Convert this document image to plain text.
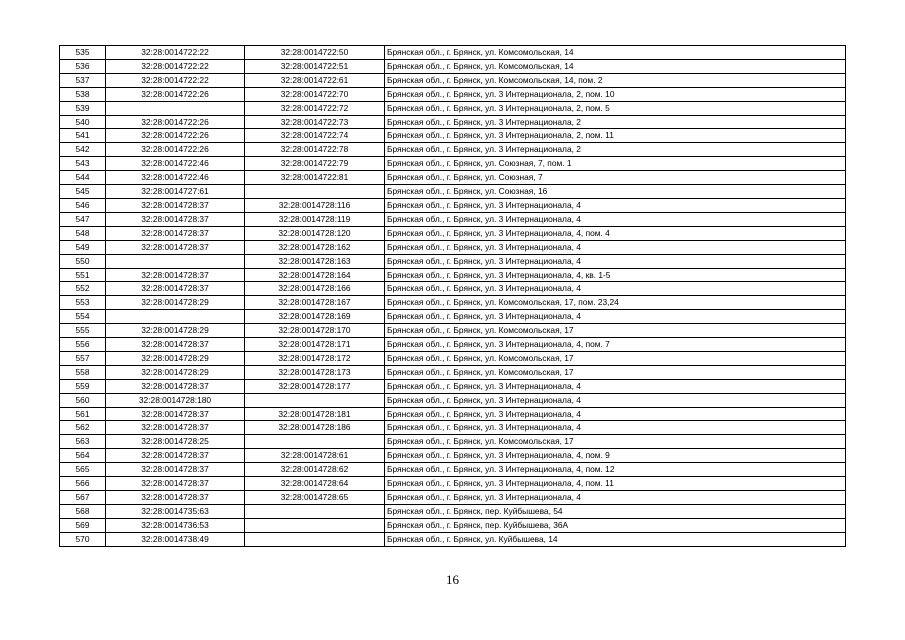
535	32:28:0014722:22	32:28:0014722:50	Брянская обл., г. Брянск, ул. Комсомольская, 14
536	32:28:0014722:22	32:28:0014722:51	Брянская обл., г. Брянск, ул. Комсомольская, 14
537	32:28:0014722:22	32:28:0014722:61	Брянская обл., г. Брянск, ул. Комсомольская, 14, пом. 2
538	32:28:0014722:26	32:28:0014722:70	Брянская обл., г. Брянск, ул. 3 Интернационала, 2, пом. 10
539		32:28:0014722:72	Брянская обл., г. Брянск, ул. 3 Интернационала, 2, пом. 5
540	32:28:0014722:26	32:28:0014722:73	Брянская обл., г. Брянск, ул. 3 Интернационала, 2
541	32:28:0014722:26	32:28:0014722:74	Брянская обл., г. Брянск, ул. 3 Интернационала, 2, пом. 11
542	32:28:0014722:26	32:28:0014722:78	Брянская обл., г. Брянск, ул. 3 Интернационала, 2
543	32:28:0014722:46	32:28:0014722:79	Брянская обл., г. Брянск, ул. Союзная, 7, пом. 1
544	32:28:0014722:46	32:28:0014722:81	Брянская обл., г. Брянск, ул. Союзная, 7
545	32:28:0014727:61		Брянская обл., г. Брянск, ул. Союзная, 16
546	32:28:0014728:37	32:28:0014728:116	Брянская обл., г. Брянск, ул. 3 Интернационала, 4
547	32:28:0014728:37	32:28:0014728:119	Брянская обл., г. Брянск, ул. 3 Интернационала, 4
548	32:28:0014728:37	32:28:0014728:120	Брянская обл., г. Брянск, ул. 3 Интернационала, 4, пом. 4
549	32:28:0014728:37	32:28:0014728:162	Брянская обл., г. Брянск, ул. 3 Интернационала, 4
550		32:28:0014728:163	Брянская обл., г. Брянск, ул. 3 Интернационала, 4
551	32:28:0014728:37	32:28:0014728:164	Брянская обл., г. Брянск, ул. 3 Интернационала, 4, кв. 1-5
552	32:28:0014728:37	32:28:0014728:166	Брянская обл., г. Брянск, ул. 3 Интернационала, 4
553	32:28:0014728:29	32:28:0014728:167	Брянская обл., г. Брянск, ул. Комсомольская, 17, пом. 23,24
554		32:28:0014728:169	Брянская обл., г. Брянск, ул. 3 Интернационала, 4
555	32:28:0014728:29	32:28:0014728:170	Брянская обл., г. Брянск, ул. Комсомольская, 17
556	32:28:0014728:37	32:28:0014728:171	Брянская обл., г. Брянск, ул. 3 Интернационала, 4, пом. 7
557	32:28:0014728:29	32:28:0014728:172	Брянская обл., г. Брянск, ул. Комсомольская, 17
558	32:28:0014728:29	32:28:0014728:173	Брянская обл., г. Брянск, ул. Комсомольская, 17
559	32:28:0014728:37	32:28:0014728:177	Брянская обл., г. Брянск, ул. 3 Интернационала, 4
560	32:28:0014728:180		Брянская обл., г. Брянск, ул. 3 Интернационала, 4
561	32:28:0014728:37	32:28:0014728:181	Брянская обл., г. Брянск, ул. 3 Интернационала, 4
562	32:28:0014728:37	32:28:0014728:186	Брянская обл., г. Брянск, ул. 3 Интернационала, 4
563	32:28:0014728:25		Брянская обл., г. Брянск, ул. Комсомольская, 17
564	32:28:0014728:37	32:28:0014728:61	Брянская обл., г. Брянск, ул. 3 Интернационала, 4, пом. 9
565	32:28:0014728:37	32:28:0014728:62	Брянская обл., г. Брянск, ул. 3 Интернационала, 4, пом. 12
566	32:28:0014728:37	32:28:0014728:64	Брянская обл., г. Брянск, ул. 3 Интернационала, 4, пом. 11
567	32:28:0014728:37	32:28:0014728:65	Брянская обл., г. Брянск, ул. 3 Интернационала, 4
568	32:28:0014735:63		Брянская обл., г. Брянск, пер. Куйбышева, 54
569	32:28:0014736:53		Брянская обл., г. Брянск, пер. Куйбышева, 36А
570	32:28:0014738:49		Брянская обл., г. Брянск, ул. Куйбышева, 14
16
